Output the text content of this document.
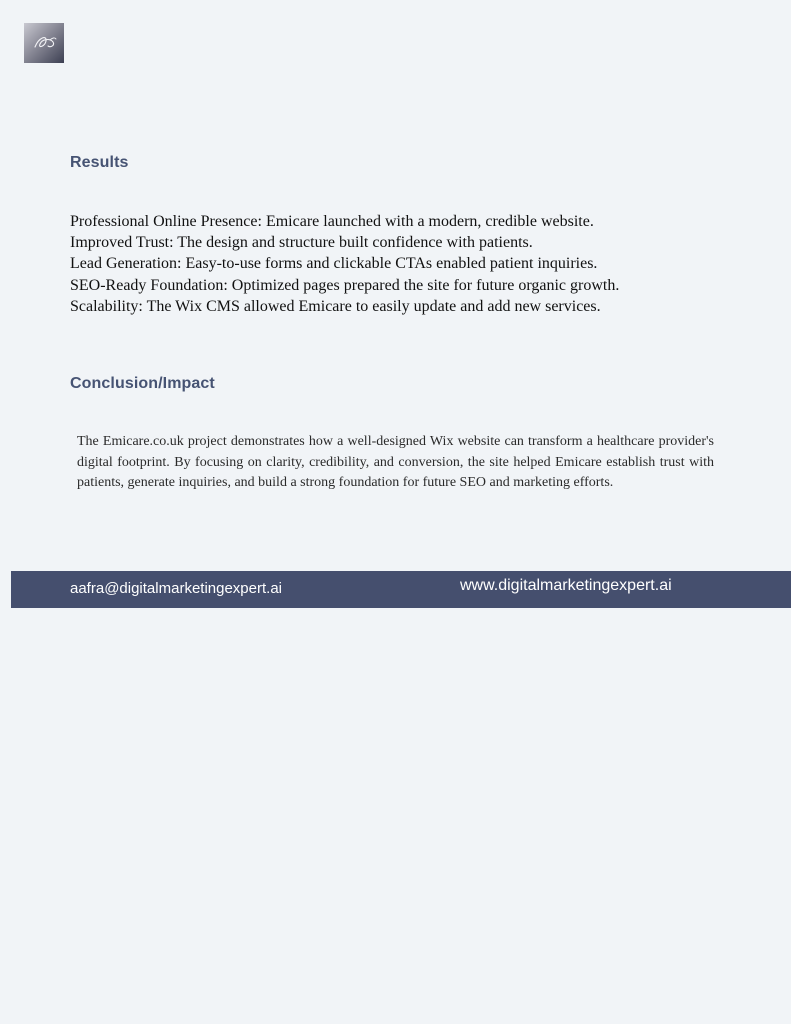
Results
Professional Online Presence: Emicare launched with a modern, credible website.
Improved Trust: The design and structure built confidence with patients.
Lead Generation: Easy-to-use forms and clickable CTAs enabled patient inquiries.
SEO-Ready Foundation: Optimized pages prepared the site for future organic growth.
Scalability: The Wix CMS allowed Emicare to easily update and add new services.
Conclusion/Impact

The Emicare.co.uk project demonstrates how a well-designed Wix website can transform a healthcare provider's digital footprint. By focusing on clarity, credibility, and conversion, the site helped Emicare establish trust with patients, generate inquiries, and build a strong foundation for future SEO and marketing efforts.

aafra@digitalmarketingexpert.ai	www.digitalmarketingexpert.ai
